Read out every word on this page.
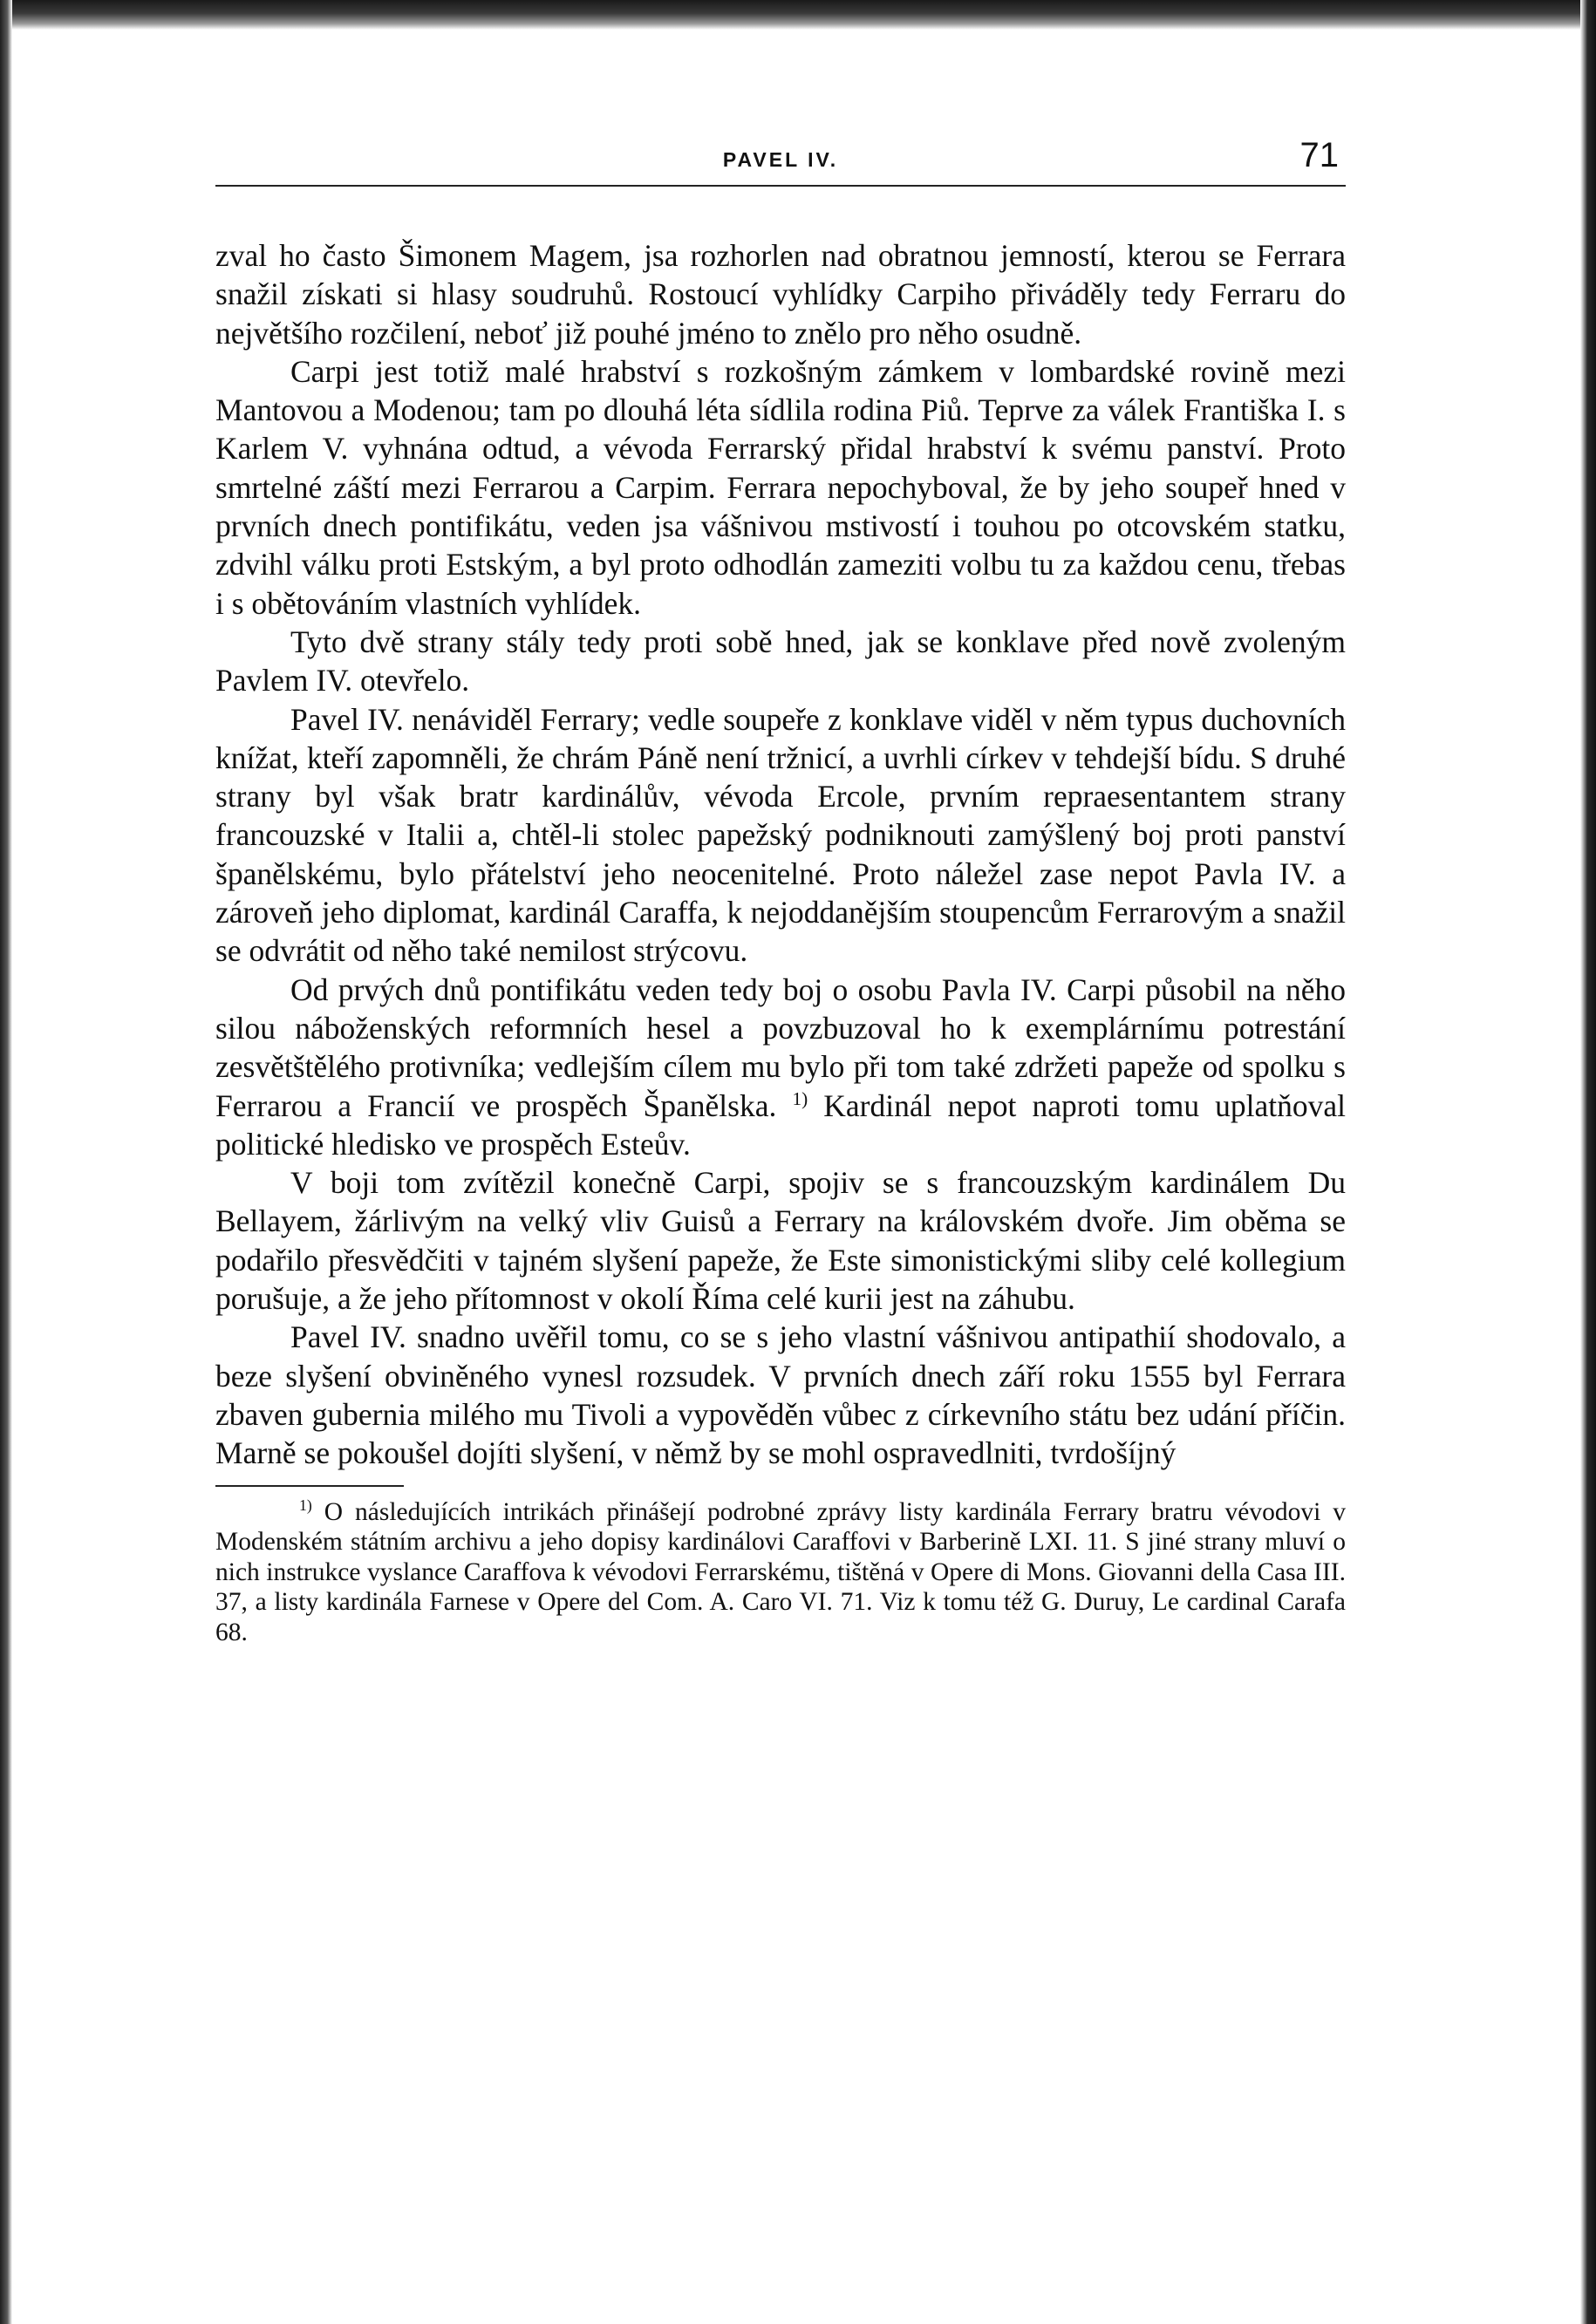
PAVEL IV.	71

zval ho často Šimonem Magem, jsa rozhorlen nad obratnou jemností, kterou se Ferrara snažil získati si hlasy soudruhů. Rostoucí vyhlídky Carpiho přiváděly tedy Ferraru do největšího rozčilení, neboť již pouhé jméno to znělo pro něho osudně.

Carpi jest totiž malé hrabství s rozkošným zámkem v lombardské rovině mezi Mantovou a Modenou; tam po dlouhá léta sídlila rodina Piů. Teprve za válek Františka I. s Karlem V. vyhnána odtud, a vévoda Ferrarský přidal hrabství k svému panství. Proto smrtelné záští mezi Ferrarou a Carpim. Ferrara nepochyboval, že by jeho soupeř hned v prvních dnech pontifikátu, veden jsa vášnivou mstivostí i touhou po otcovském statku, zdvihl válku proti Estským, a byl proto odhodlán zameziti volbu tu za každou cenu, třebas i s obětováním vlastních vyhlídek.

Tyto dvě strany stály tedy proti sobě hned, jak se konklave před nově zvoleným Pavlem IV. otevřelo.

Pavel IV. nenáviděl Ferrary; vedle soupeře z konklave viděl v něm typus duchovních knížat, kteří zapomněli, že chrám Páně není tržnicí, a uvrhli církev v tehdejší bídu. S druhé strany byl však bratr kardinálův, vévoda Ercole, prvním repraesentantem strany francouzské v Italii a, chtěl-li stolec papežský podniknouti zamýšlený boj proti panství španělskému, bylo přátelství jeho neocenitelné. Proto náležel zase nepot Pavla IV. a zároveň jeho diplomat, kardinál Caraffa, k nejoddanějším stoupencům Ferrarovým a snažil se odvrátit od něho také nemilost strýcovu.

Od prvých dnů pontifikátu veden tedy boj o osobu Pavla IV. Carpi působil na něho silou náboženských reformních hesel a povzbuzoval ho k exemplárnímu potrestání zesvětštělého protivníka; vedlejším cílem mu bylo při tom také zdržeti papeže od spolku s Ferrarou a Francií ve prospěch Španělska. $^{1)}$ Kardinál nepot naproti tomu uplatňoval politické hledisko ve prospěch Esteův.

V boji tom zvítězil konečně Carpi, spojiv se s francouzským kardinálem Du Bellayem, žárlivým na velký vliv Guisů a Ferrary na královském dvoře. Jim oběma se podařilo přesvědčiti v tajném slyšení papeže, že Este simonistickými sliby celé kollegium porušuje, a že jeho přítomnost v okolí Říma celé kurii jest na záhubu.

Pavel IV. snadno uvěřil tomu, co se s jeho vlastní vášnivou antipathií shodovalo, a beze slyšení obviněného vynesl rozsudek. V prvních dnech září roku 1555 byl Ferrara zbaven gubernia milého mu Tivoli a vypověděn vůbec z církevního státu bez udání příčin. Marně se pokoušel dojíti slyšení, v němž by se mohl ospravedlniti, tvrdošíjný

$^{1)}$ O následujících intrikách přinášejí podrobné zprávy listy kardinála Ferrary bratru vévodovi v Modenském státním archivu a jeho dopisy kardinálovi Caraffovi v Barberině LXI. 11. S jiné strany mluví o nich instrukce vyslance Caraffova k vévodovi Ferrarskému, tištěná v Opere di Mons. Giovanni della Casa III. 37, a listy kardinála Farnese v Opere del Com. A. Caro VI. 71. Viz k tomu též G. Duruy, Le cardinal Carafa 68.
